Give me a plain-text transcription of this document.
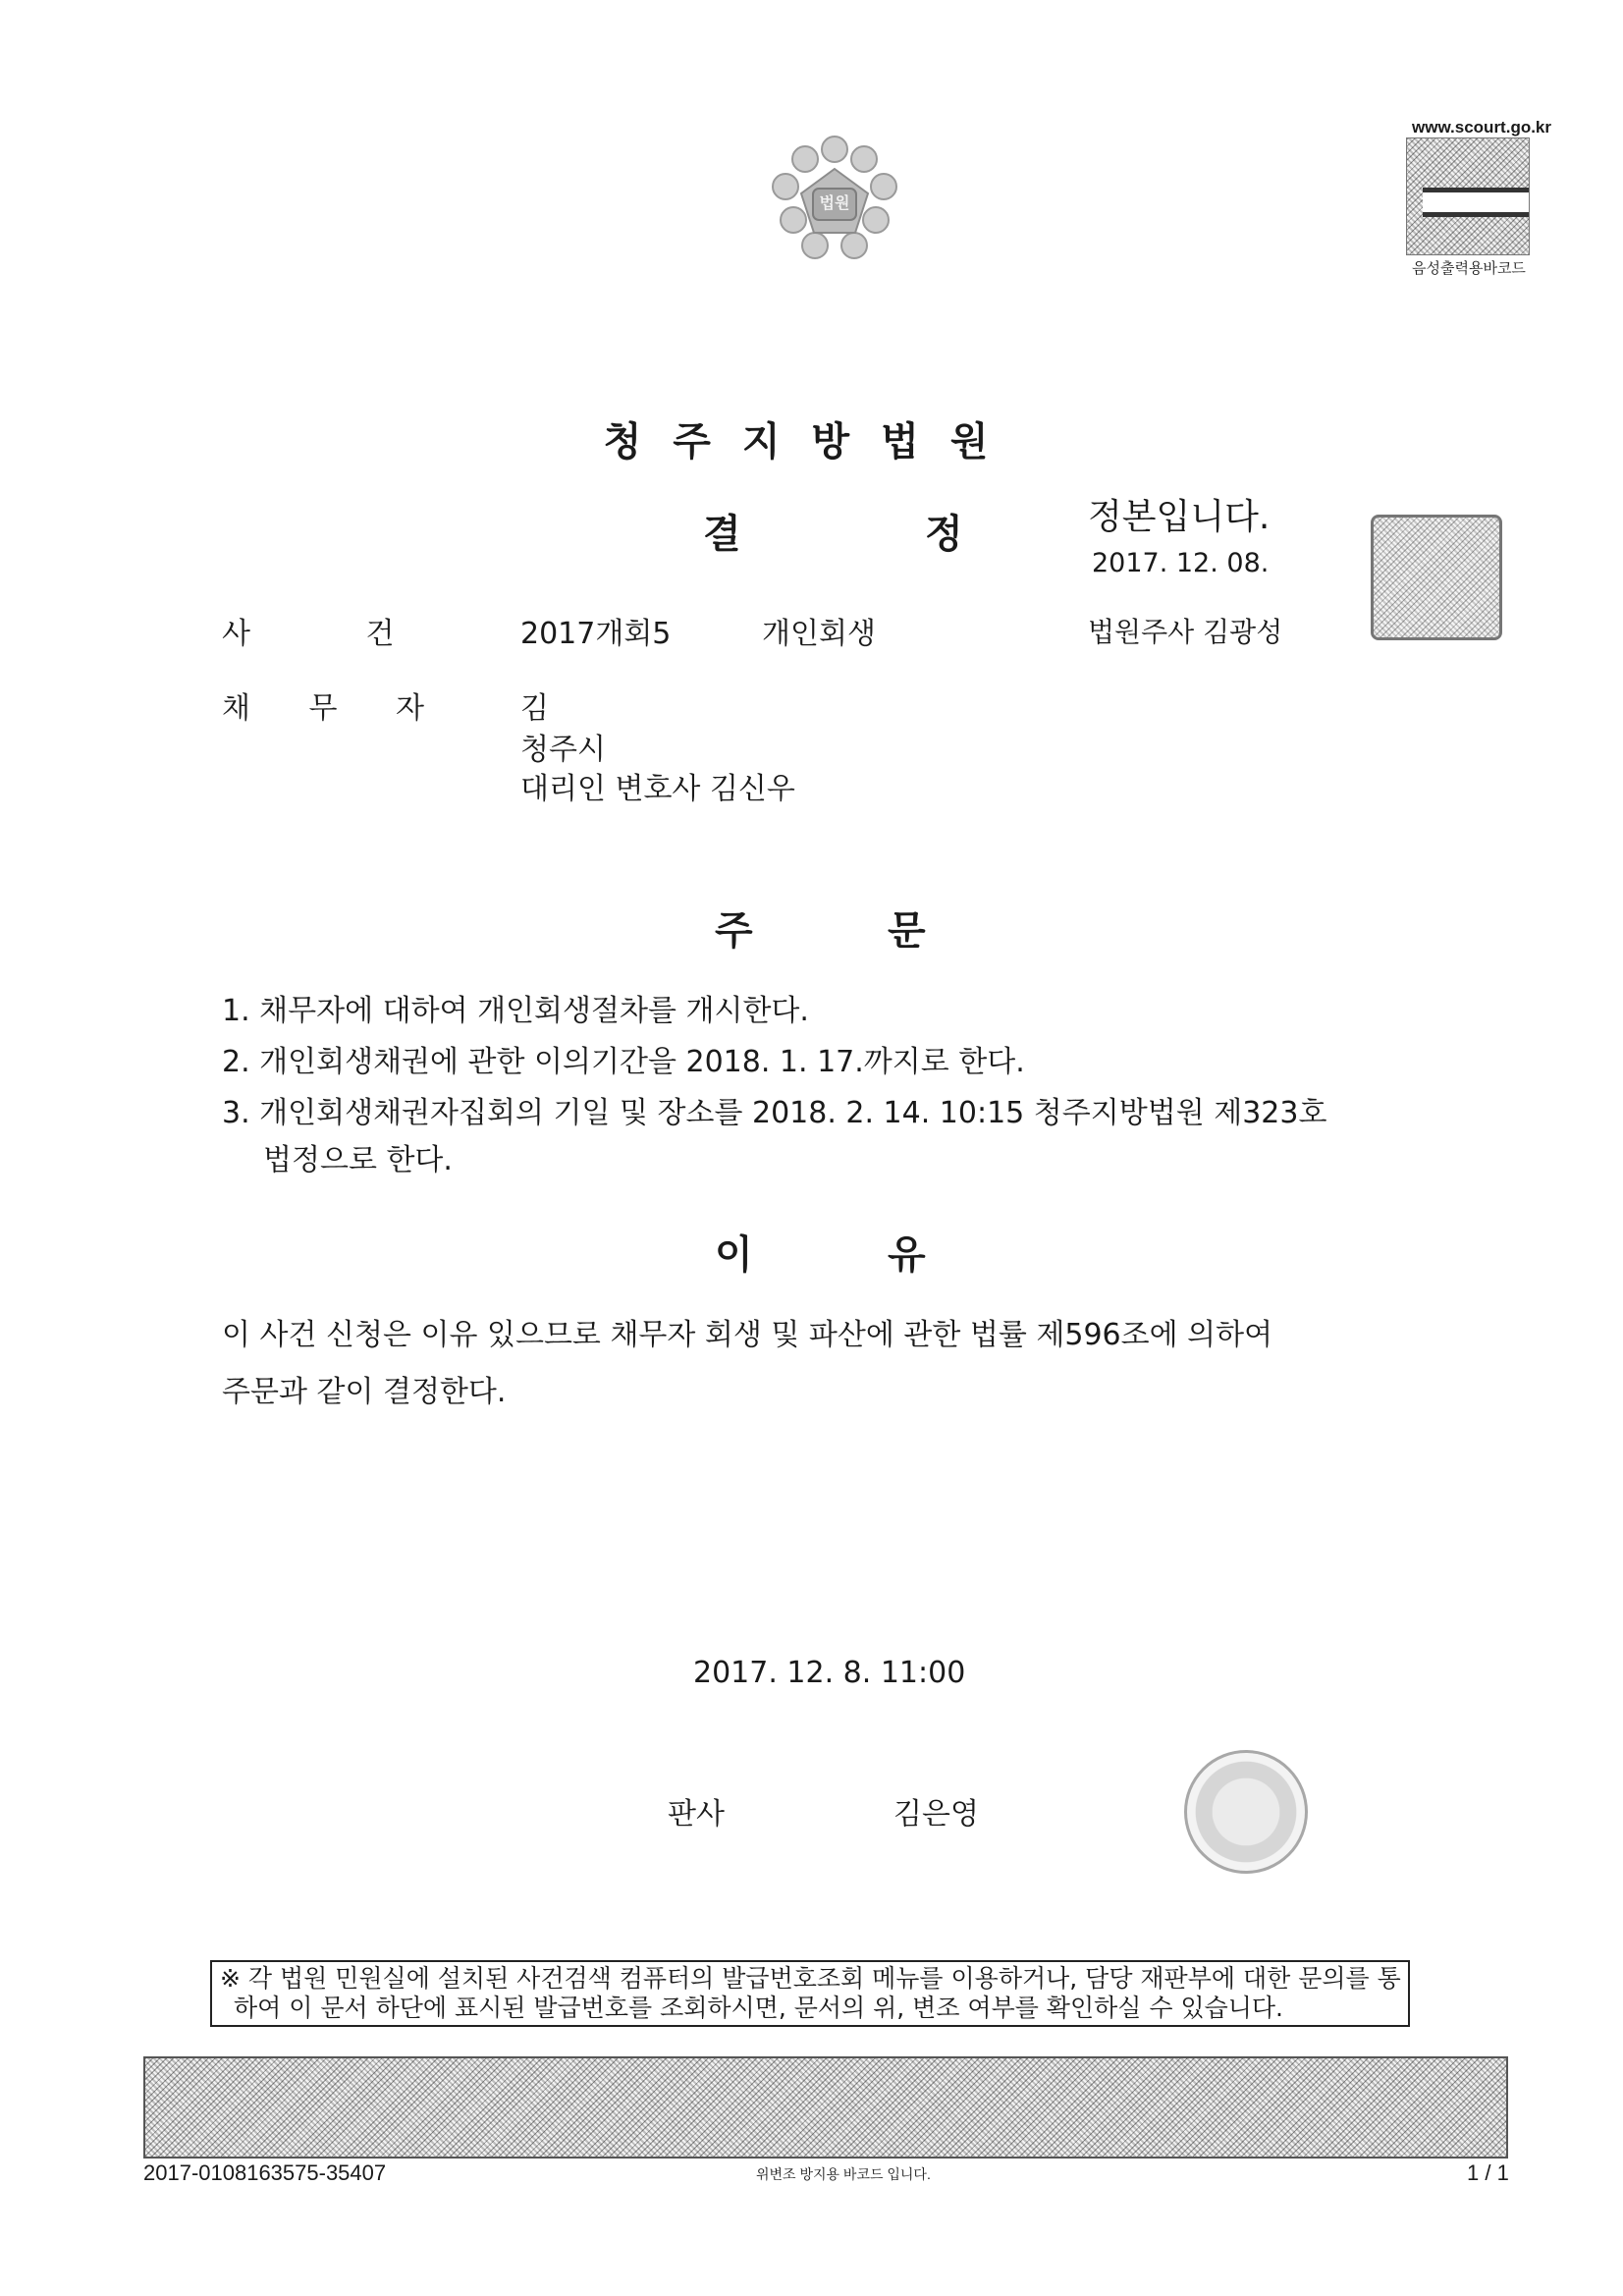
법원
www.scourt.go.kr
음성출력용바코드
청주지방법원
결	정	정본입니다.
2017. 12. 08.
법원주사 김광성
사 건	2017개회5	개인회생
채 무 자	김
청주시
대리인 변호사 김신우
주	문
1. 채무자에 대하여 개인회생절차를 개시한다.
2. 개인회생채권에 관한 이의기간을 2018. 1. 17.까지로 한다.
3. 개인회생채권자집회의 기일 및 장소를 2018. 2. 14. 10:15 청주지방법원 제323호
법정으로 한다.
이	유
이 사건 신청은 이유 있으므로 채무자 회생 및 파산에 관한 법률 제596조에 의하여
주문과 같이 결정한다.
2017. 12. 8. 11:00
판사	김은영
※ 각 법원 민원실에 설치된 사건검색 컴퓨터의 발급번호조회 메뉴를 이용하거나, 담당 재판부에 대한 문의를 통
하여 이 문서 하단에 표시된 발급번호를 조회하시면, 문서의 위, 변조 여부를 확인하실 수 있습니다.
2017-0108163575-35407	위변조 방지용 바코드 입니다.	1 / 1
